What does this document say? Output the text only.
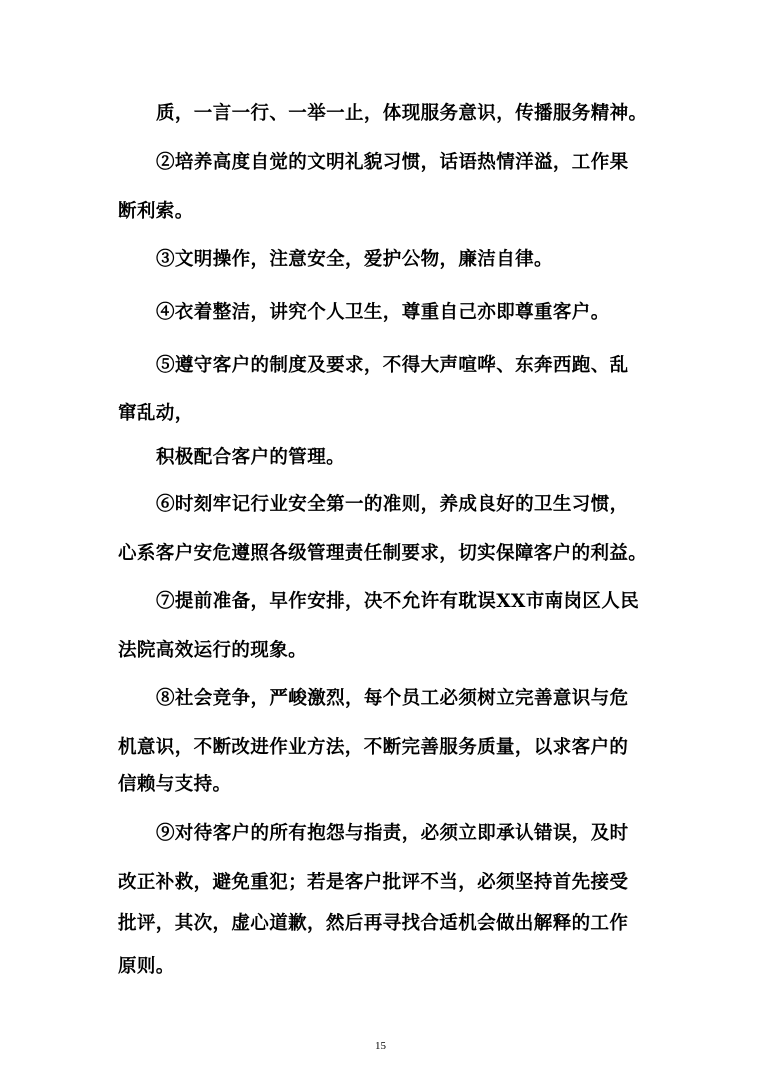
质，一言一行、一举一止，体现服务意识，传播服务精神。

②培养高度自觉的文明礼貌习惯，话语热情洋溢，工作果

断利索。

③文明操作，注意安全，爱护公物，廉洁自律。

④衣着整洁，讲究个人卫生，尊重自己亦即尊重客户。

⑤遵守客户的制度及要求，不得大声喧哗、东奔西跑、乱

窜乱动，

积极配合客户的管理。

⑥时刻牢记行业安全第一的准则，养成良好的卫生习惯，

心系客户安危遵照各级管理责任制要求，切实保障客户的利益。

⑦提前准备，早作安排，决不允许有耽误XX市南岗区人民

法院高效运行的现象。

⑧社会竞争，严峻激烈，每个员工必须树立完善意识与危

机意识，不断改进作业方法，不断完善服务质量，以求客户的

信赖与支持。

⑨对待客户的所有抱怨与指责，必须立即承认错误，及时

改正补救，避免重犯；若是客户批评不当，必须坚持首先接受

批评，其次，虚心道歉，然后再寻找合适机会做出解释的工作

原则。

15
